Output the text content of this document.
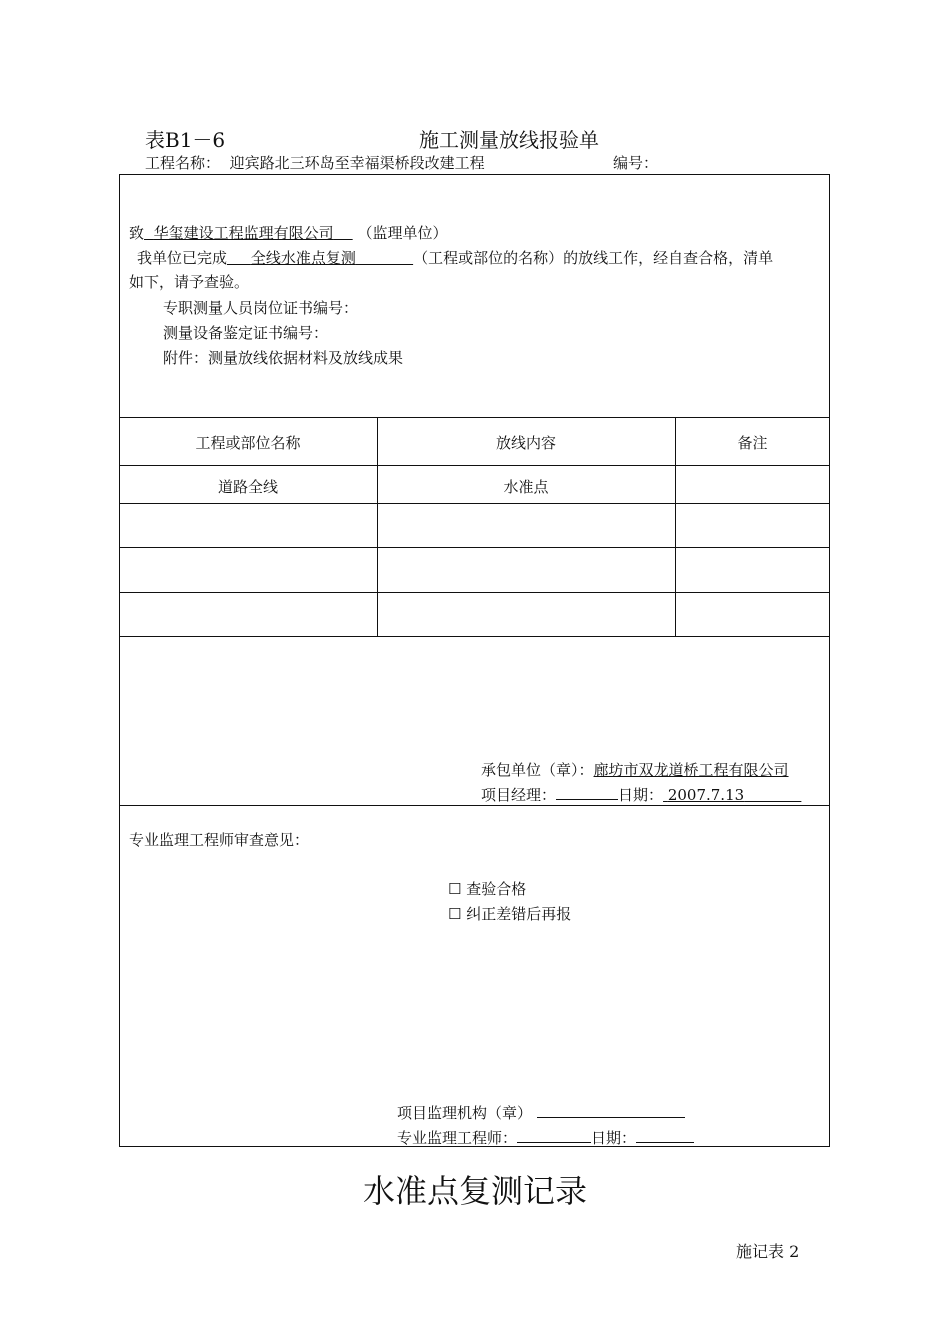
表B1－6	施工测量放线报验单
工程名称： 迎宾路北三环岛至幸福渠桥段改建工程	编号：
致 华玺建设工程监理有限公司 （监理单位）
我单位已完成 全线水准点复测	（工程或部位的名称）的放线工作，经自查合格，清单
如下，请予查验。
专职测量人员岗位证书编号：
测量设备鉴定证书编号：
附件：测量放线依据材料及放线成果
工程或部位名称	放线内容	备注
道路全线	水准点
承包单位（章）：廊坊市双龙道桥工程有限公司
项目经理：	日期： 2007.7.13
专业监理工程师审查意见：
☐ 查验合格
☐ 纠正差错后再报
项目监理机构（章）
专业监理工程师：	日期：
水准点复测记录
施记表 2
